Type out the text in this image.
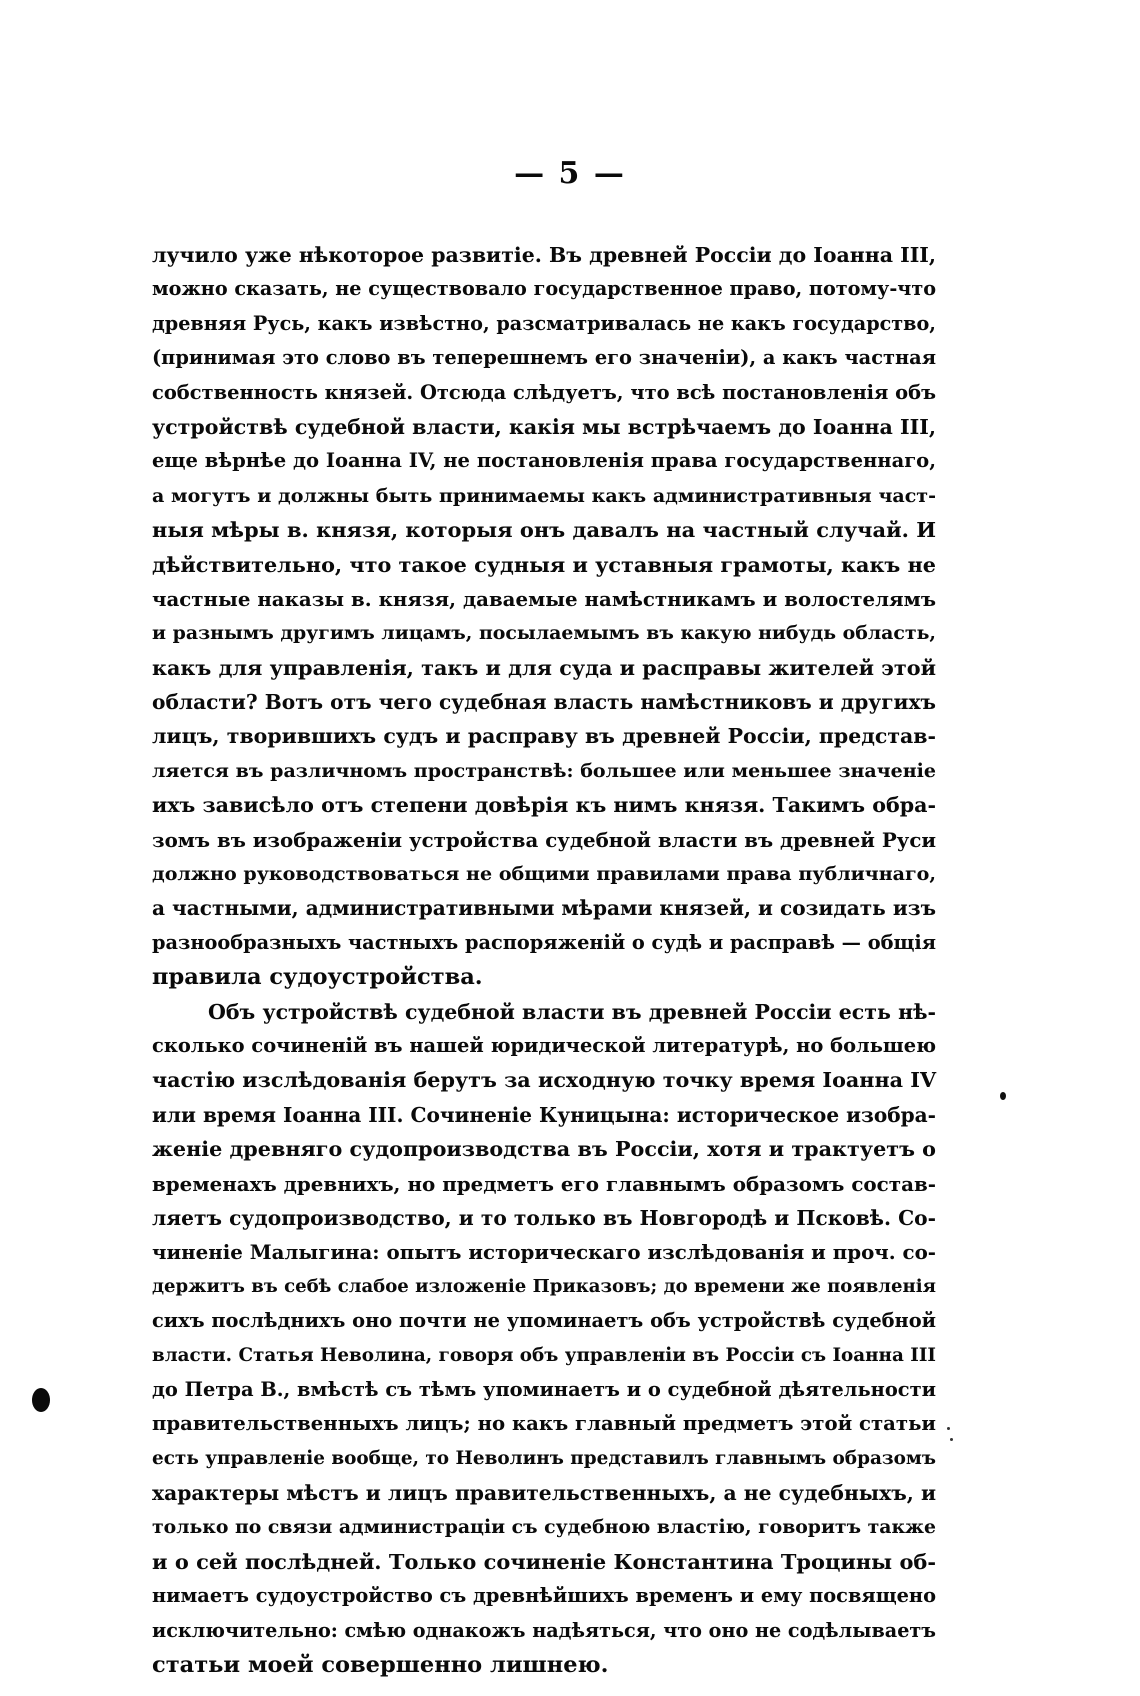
— 5 —
лучило уже нѣкоторое развитіе. Въ древней Россіи до Іоанна III,
можно сказать, не существовало государственное право, потому-что
древняя Русь, какъ извѣстно, разсматривалась не какъ государство,
(принимая это слово въ теперешнемъ его значеніи), а какъ частная
собственность князей. Отсюда слѣдуетъ, что всѣ постановленія объ
устройствѣ судебной власти, какія мы встрѣчаемъ до Іоанна III,
еще вѣрнѣе до Іоанна IV, не постановленія права государственнаго,
а могутъ и должны быть принимаемы какъ административныя част-
ныя мѣры в. князя, которыя онъ давалъ на частный случай. И
дѣйствительно, что такое судныя и уставныя грамоты, какъ не
частные наказы в. князя, даваемые намѣстникамъ и волостелямъ
и разнымъ другимъ лицамъ, посылаемымъ въ какую нибудь область,
какъ для управленія, такъ и для суда и расправы жителей этой
области? Вотъ отъ чего судебная власть намѣстниковъ и другихъ
лицъ, творившихъ судъ и расправу въ древней Россіи, представ-
ляется въ различномъ пространствѣ: большее или меньшее значеніе
ихъ зависѣло отъ степени довѣрія къ нимъ князя. Такимъ обра-
зомъ въ изображеніи устройства судебной власти въ древней Руси
должно руководствоваться не общими правилами права публичнаго,
а частными, административными мѣрами князей, и созидать изъ
разнообразныхъ частныхъ распоряженій о судѣ и расправѣ — общія
правила судоустройства.
Объ устройствѣ судебной власти въ древней Россіи есть нѣ-
сколько сочиненій въ нашей юридической литературѣ, но большею
частію изслѣдованія берутъ за исходную точку время Іоанна IV
или время Іоанна III. Сочиненіе Куницына: историческое изобра-
женіе древняго судопроизводства въ Россіи, хотя и трактуетъ о
временахъ древнихъ, но предметъ его главнымъ образомъ состав-
ляетъ судопроизводство, и то только въ Новгородѣ и Псковѣ. Со-
чиненіе Малыгина: опытъ историческаго изслѣдованія и проч. со-
держитъ въ себѣ слабое изложеніе Приказовъ; до времени же появленія
сихъ послѣднихъ оно почти не упоминаетъ объ устройствѣ судебной
власти. Статья Неволина, говоря объ управленіи въ Россіи съ Іоанна III
до Петра В., вмѣстѣ съ тѣмъ упоминаетъ и о судебной дѣятельности
правительственныхъ лицъ; но какъ главный предметъ этой статьи
есть управленіе вообще, то Неволинъ представилъ главнымъ образомъ
характеры мѣстъ и лицъ правительственныхъ, а не судебныхъ, и
только по связи администраціи съ судебною властію, говоритъ также
и о сей послѣдней. Только сочиненіе Константина Троцины об-
нимаетъ судоустройство съ древнѣйшихъ временъ и ему посвящено
исключительно: смѣю однакожъ надѣяться, что оно не содѣлываетъ
статьи моей совершенно лишнею.
